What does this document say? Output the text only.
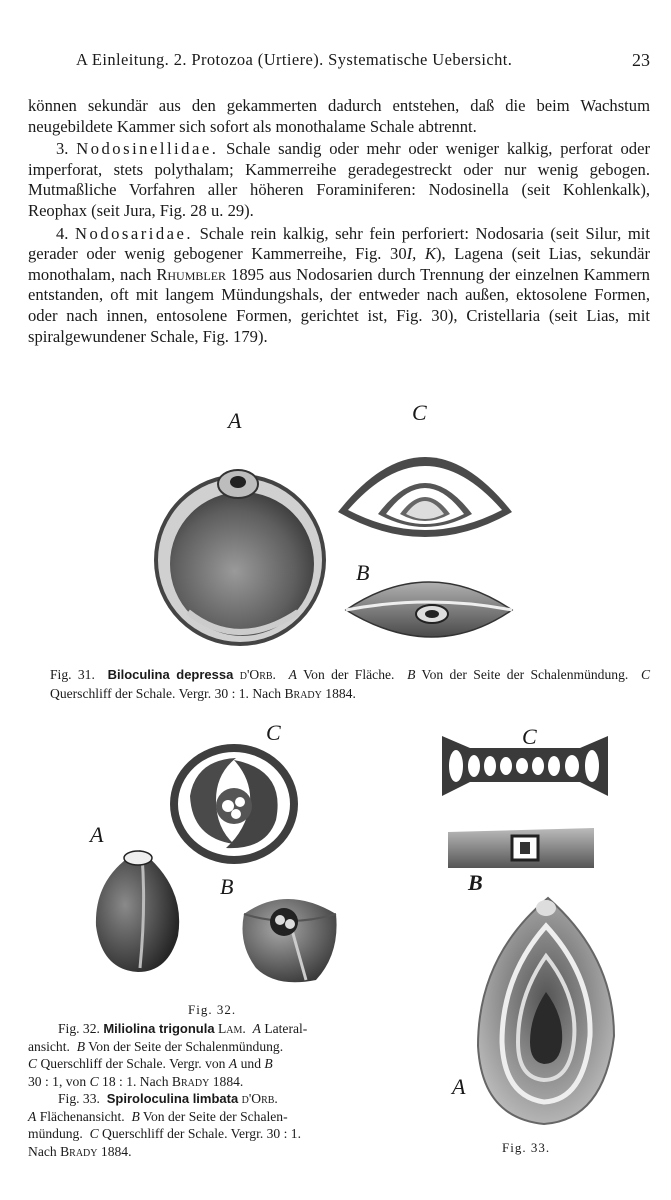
A Einleitung. 2. Protozoa (Urtiere). Systematische Uebersicht.	23

können sekundär aus den gekammerten dadurch entstehen, daß die beim Wachstum neugebildete Kammer sich sofort als monothalame Schale abtrennt.

3. Nodosinellidae. Schale sandig oder mehr oder weniger kalkig, perforat oder imperforat, stets polythalam; Kammerreihe geradegestreckt oder nur wenig gebogen. Mutmaßliche Vorfahren aller höheren Foraminiferen: Nodosinella (seit Kohlenkalk), Reophax (seit Jura, Fig. 28 u. 29).

4. Nodosaridae. Schale rein kalkig, sehr fein perforiert: Nodosaria (seit Silur, mit gerader oder wenig gebogener Kammerreihe, Fig. 30I, K), Lagena (seit Lias, sekundär monothalam, nach Rhumbler 1895 aus Nodosarien durch Trennung der einzelnen Kammern entstanden, oft mit langem Mündungshals, der entweder nach außen, ektosolene Formen, oder nach innen, entosolene Formen, gerichtet ist, Fig. 30), Cristellaria (seit Lias, mit spiralgewundener Schale, Fig. 179).

A	C
B
Fig. 31. Biloculina depressa d'Orb. A Von der Fläche. B Von der Seite der Schalenmündung. C Querschliff der Schale. Vergr. 30 : 1. Nach Brady 1884.
C
A
B
Fig. 32.
C
B
A
Fig. 33.
Fig. 32. Miliolina trigonula Lam. A Lateral-
ansicht. B Von der Seite der Schalenmündung.
C Querschliff der Schale. Vergr. von A und B
30 : 1, von C 18 : 1. Nach Brady 1884.
Fig. 33. Spiroloculina limbata d'Orb.
A Flächenansicht. B Von der Seite der Schalen-
mündung. C Querschliff der Schale. Vergr. 30 : 1.
Nach Brady 1884.
